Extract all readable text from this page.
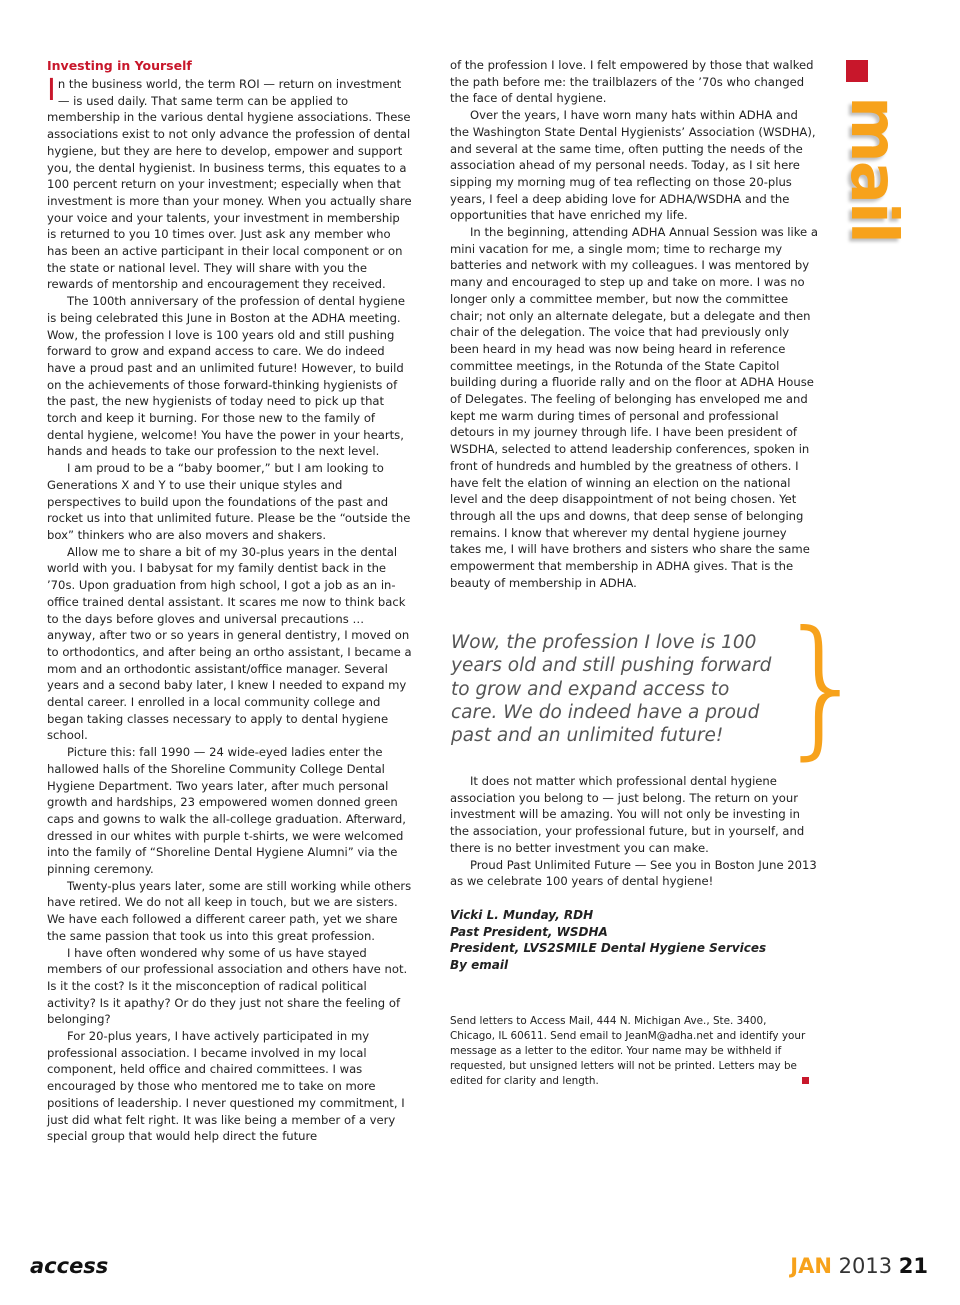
mail

Investing in Yourself

In the business world, the term ROI — return on investment — is used daily. That same term can be applied to membership in the various dental hygiene associations. These associations exist to not only advance the profession of dental hygiene, but they are here to develop, empower and support you, the dental hygienist. In business terms, this equates to a 100 percent return on your investment; especially when that investment is more than your money. When you actually share your voice and your talents, your investment in membership is returned to you 10 times over. Just ask any member who has been an active participant in their local component or on the state or national level. They will share with you the rewards of mentorship and encouragement they received.

The 100th anniversary of the profession of dental hygiene is being celebrated this June in Boston at the ADHA meeting. Wow, the profession I love is 100 years old and still pushing forward to grow and expand access to care. We do indeed have a proud past and an unlimited future! However, to build on the achievements of those forward-thinking hygienists of the past, the new hygienists of today need to pick up that torch and keep it burning. For those new to the family of dental hygiene, welcome! You have the power in your hearts, hands and heads to take our profession to the next level.

I am proud to be a “baby boomer,” but I am looking to Generations X and Y to use their unique styles and perspectives to build upon the foundations of the past and rocket us into that unlimited future. Please be the “outside the box” thinkers who are also movers and shakers.

Allow me to share a bit of my 30-plus years in the dental world with you. I babysat for my family dentist back in the ’70s. Upon graduation from high school, I got a job as an in-office trained dental assistant. It scares me now to think back to the days before gloves and universal precautions … anyway, after two or so years in general dentistry, I moved on to orthodontics, and after being an ortho assistant, I became a mom and an orthodontic assistant/office manager. Several years and a second baby later, I knew I needed to expand my dental career. I enrolled in a local community college and began taking classes necessary to apply to dental hygiene school.

Picture this: fall 1990 — 24 wide-eyed ladies enter the hallowed halls of the Shoreline Community College Dental Hygiene Department. Two years later, after much personal growth and hardships, 23 empowered women donned green caps and gowns to walk the all-college graduation. Afterward, dressed in our whites with purple t-shirts, we were welcomed into the family of “Shoreline Dental Hygiene Alumni” via the pinning ceremony.

Twenty-plus years later, some are still working while others have retired. We do not all keep in touch, but we are sisters. We have each followed a different career path, yet we share the same passion that took us into this great profession.

I have often wondered why some of us have stayed members of our professional association and others have not. Is it the cost? Is it the misconception of radical political activity? Is it apathy? Or do they just not share the feeling of belonging?

For 20-plus years, I have actively participated in my professional association. I became involved in my local component, held office and chaired committees. I was encouraged by those who mentored me to take on more positions of leadership. I never questioned my commitment, I just did what felt right. It was like being a member of a very special group that would help direct the future

of the profession I love. I felt empowered by those that walked the path before me: the trailblazers of the ’70s who changed the face of dental hygiene.

Over the years, I have worn many hats within ADHA and the Washington State Dental Hygienists’ Association (WSDHA), and several at the same time, often putting the needs of the association ahead of my personal needs. Today, as I sit here sipping my morning mug of tea reflecting on those 20-plus years, I feel a deep abiding love for ADHA/WSDHA and the opportunities that have enriched my life.

In the beginning, attending ADHA Annual Session was like a mini vacation for me, a single mom; time to recharge my batteries and network with my colleagues. I was mentored by many and encouraged to step up and take on more. I was no longer only a committee member, but now the committee chair; not only an alternate delegate, but a delegate and then chair of the delegation. The voice that had previously only been heard in my head was now being heard in reference committee meetings, in the Rotunda of the State Capitol building during a fluoride rally and on the floor at ADHA House of Delegates. The feeling of belonging has enveloped me and kept me warm during times of personal and professional detours in my journey through life. I have been president of WSDHA, selected to attend leadership conferences, spoken in front of hundreds and humbled by the greatness of others. I have felt the elation of winning an election on the national level and the deep disappointment of not being chosen. Yet through all the ups and downs, that deep sense of belonging remains. I know that wherever my dental hygiene journey takes me, I will have brothers and sisters who share the same empowerment that membership in ADHA gives. That is the beauty of membership in ADHA.

Wow, the profession I love is 100 years old and still pushing forward to grow and expand access to care. We do indeed have a proud past and an unlimited future! }

It does not matter which professional dental hygiene association you belong to — just belong. The return on your investment will be amazing. You will not only be investing in the association, your professional future, but in yourself, and there is no better investment you can make.

Proud Past Unlimited Future — See you in Boston June 2013 as we celebrate 100 years of dental hygiene!

Vicki L. Munday, RDH
Past President, WSDHA
President, LVS2SMILE Dental Hygiene Services
By email
Send letters to Access Mail, 444 N. Michigan Ave., Ste. 3400, Chicago, IL 60611. Send email to JeanM@adha.net and identify your message as a letter to the editor. Your name may be withheld if requested, but unsigned letters will not be printed. Letters may be edited for clarity and length.
access	JAN 2013 21
